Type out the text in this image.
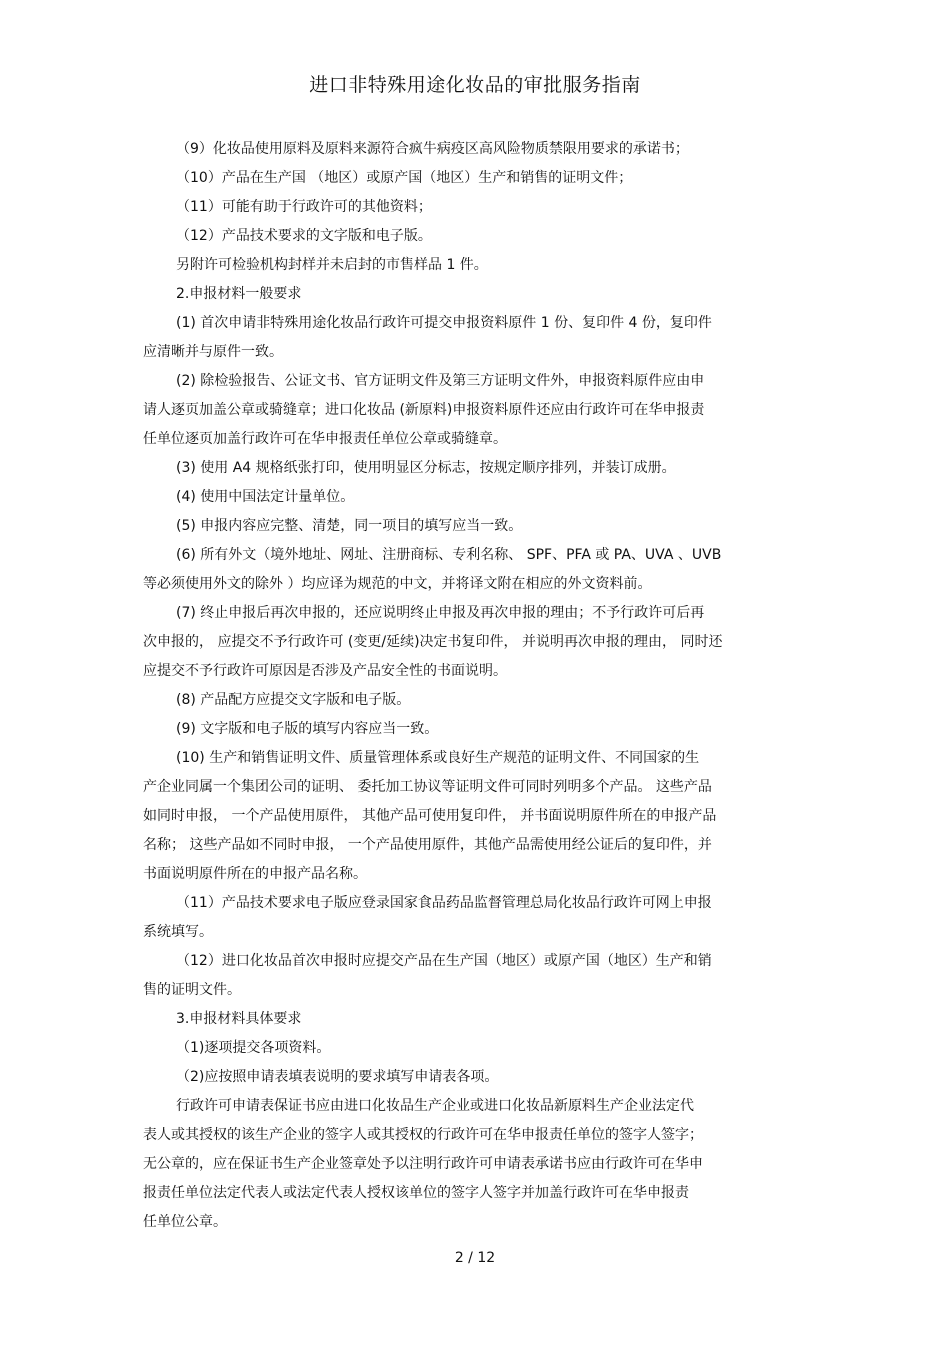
进口非特殊用途化妆品的审批服务指南
（9）化妆品使用原料及原料来源符合疯牛病疫区高风险物质禁限用要求的承诺书；
（10）产品在生产国 （地区）或原产国（地区）生产和销售的证明文件；
（11）可能有助于行政许可的其他资料；
（12）产品技术要求的文字版和电子版。
另附许可检验机构封样并未启封的市售样品 1 件。
2.申报材料一般要求
(1) 首次申请非特殊用途化妆品行政许可提交申报资料原件 1 份、复印件 4 份，复印件
应清晰并与原件一致。
(2) 除检验报告、公证文书、官方证明文件及第三方证明文件外，申报资料原件应由申
请人逐页加盖公章或骑缝章；进口化妆品 (新原料)申报资料原件还应由行政许可在华申报责
任单位逐页加盖行政许可在华申报责任单位公章或骑缝章。
(3) 使用 A4 规格纸张打印，使用明显区分标志，按规定顺序排列，并装订成册。
(4) 使用中国法定计量单位。
(5) 申报内容应完整、清楚，同一项目的填写应当一致。
(6) 所有外文（境外地址、网址、注册商标、专利名称、 SPF、PFA 或 PA、UVA 、UVB
等必须使用外文的除外 ）均应译为规范的中文，并将译文附在相应的外文资料前。
(7) 终止申报后再次申报的，还应说明终止申报及再次申报的理由；不予行政许可后再
次申报的， 应提交不予行政许可 (变更/延续)决定书复印件， 并说明再次申报的理由， 同时还
应提交不予行政许可原因是否涉及产品安全性的书面说明。
(8) 产品配方应提交文字版和电子版。
(9) 文字版和电子版的填写内容应当一致。
(10) 生产和销售证明文件、质量管理体系或良好生产规范的证明文件、不同国家的生
产企业同属一个集团公司的证明、 委托加工协议等证明文件可同时列明多个产品。 这些产品
如同时申报， 一个产品使用原件， 其他产品可使用复印件， 并书面说明原件所在的申报产品
名称； 这些产品如不同时申报， 一个产品使用原件，其他产品需使用经公证后的复印件，并
书面说明原件所在的申报产品名称。
（11）产品技术要求电子版应登录国家食品药品监督管理总局化妆品行政许可网上申报
系统填写。
（12）进口化妆品首次申报时应提交产品在生产国（地区）或原产国（地区）生产和销
售的证明文件。
3.申报材料具体要求
（1)逐项提交各项资料。
（2)应按照申请表填表说明的要求填写申请表各项。
行政许可申请表保证书应由进口化妆品生产企业或进口化妆品新原料生产企业法定代
表人或其授权的该生产企业的签字人或其授权的行政许可在华申报责任单位的签字人签字；
无公章的，应在保证书生产企业签章处予以注明行政许可申请表承诺书应由行政许可在华申
报责任单位法定代表人或法定代表人授权该单位的签字人签字并加盖行政许可在华申报责
任单位公章。
2 / 12
